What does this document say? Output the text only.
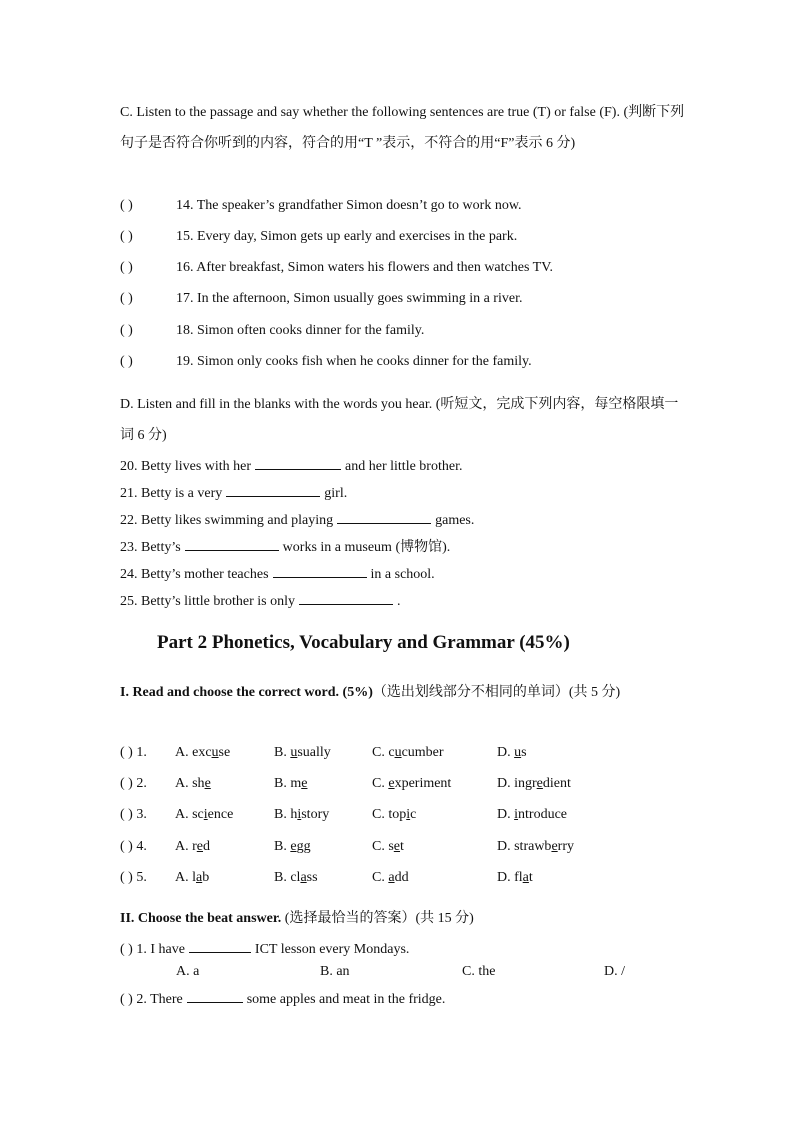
C. Listen to the passage and say whether the following sentences are true (T) or false (F). (判断下列句子是否符合你听到的内容，符合的用“T ”表示，不符合的用“F”表示 6 分)
( )	14. The speaker’s grandfather Simon doesn’t go to work now.
( )	15. Every day, Simon gets up early and exercises in the park.
( )	16. After breakfast, Simon waters his flowers and then watches TV.
( )	17. In the afternoon, Simon usually goes swimming in a river.
( )	18. Simon often cooks dinner for the family.
( )	19. Simon only cooks fish when he cooks dinner for the family.
D. Listen and fill in the blanks with the words you hear. (听短文，完成下列内容，每空格限填一词 6 分)
20. Betty lives with her	and her little brother.
21. Betty is a very	girl.
22. Betty likes swimming and playing	games.
23. Betty’s	works in a museum (博物馆).
24. Betty’s mother teaches	in a school.
25. Betty’s little brother is only	.
Part 2 Phonetics, Vocabulary and Grammar (45%)
I. Read and choose the correct word. (5%)（选出划线部分不相同的单词）(共 5 分)
( ) 1. A. excuse	B. usually	C. cucumber	D. us
( ) 2. A. she	B. me	C. experiment	D. ingredient
( ) 3. A. science	B. history	C. topic	D. introduce
( ) 4. A. red	B. egg	C. set	D. strawberry
( ) 5. A. lab	B. class	C. add	D. flat
II. Choose the beat answer. (选择最恰当的答案）(共 15 分)
( ) 1. I have	ICT lesson every Mondays.
A. a	B. an	C. the	D. /
( ) 2. There	some apples and meat in the fridge.
